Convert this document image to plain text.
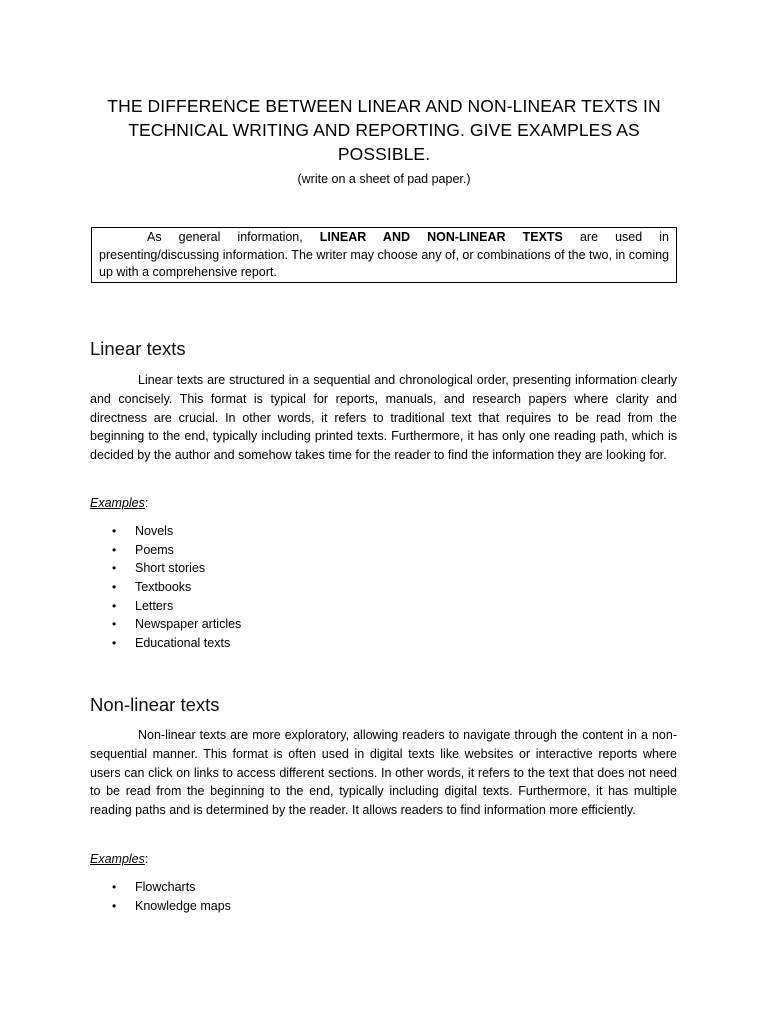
THE DIFFERENCE BETWEEN LINEAR AND NON-LINEAR TEXTS IN TECHNICAL WRITING AND REPORTING. GIVE EXAMPLES AS POSSIBLE.
(write on a sheet of pad paper.)
As general information, LINEAR AND NON-LINEAR TEXTS are used in presenting/discussing information. The writer may choose any of, or combinations of the two, in coming up with a comprehensive report.
Linear texts
Linear texts are structured in a sequential and chronological order, presenting information clearly and concisely. This format is typical for reports, manuals, and research papers where clarity and directness are crucial. In other words, it refers to traditional text that requires to be read from the beginning to the end, typically including printed texts. Furthermore, it has only one reading path, which is decided by the author and somehow takes time for the reader to find the information they are looking for.
Examples:
• Novels
• Poems
• Short stories
• Textbooks
• Letters
• Newspaper articles
• Educational texts
Non-linear texts
Non-linear texts are more exploratory, allowing readers to navigate through the content in a non-sequential manner. This format is often used in digital texts like websites or interactive reports where users can click on links to access different sections. In other words, it refers to the text that does not need to be read from the beginning to the end, typically including digital texts. Furthermore, it has multiple reading paths and is determined by the reader. It allows readers to find information more efficiently.
Examples:
• Flowcharts
• Knowledge maps
